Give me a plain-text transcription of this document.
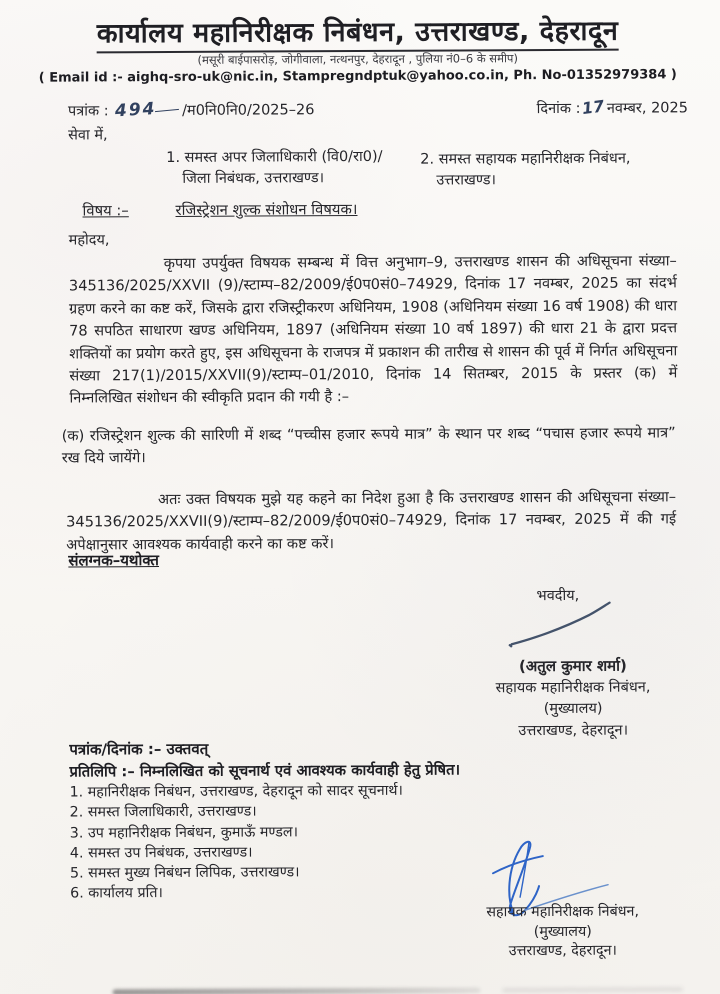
कार्यालय महानिरीक्षक निबंधन, उत्तराखण्ड, देहरादून
(मसूरी बाईपासरोड़, जोगीवाला, नत्थनपुर, देहरादून , पुलिया नं0–6 के समीप)
( Email id :- aighq-sro-uk@nic.in, Stampregndptuk@yahoo.co.in, Ph. No-01352979384 )
पत्रांक : 494 /म0नि0नि0/2025–26	दिनांक :17 नवम्बर, 2025
सेवा में,
1. समस्त अपर जिलाधिकारी (वि0/रा0)/
जिला निबंधक, उत्तराखण्ड।
2. समस्त सहायक महानिरीक्षक निबंधन,
उत्तराखण्ड।
विषय :–	रजिस्ट्रेशन शुल्क संशोधन विषयक।
महोदय,
कृपया उपर्युक्त विषयक सम्बन्ध में वित्त अनुभाग–9, उत्तराखण्ड शासन की अधिसूचना संख्या– 345136/2025/XXVII (9)/स्टाम्प–82/2009/ई0प0सं0–74929, दिनांक 17 नवम्बर, 2025 का संदर्भ ग्रहण करने का कष्ट करें, जिसके द्वारा रजिस्ट्रीकरण अधिनियम, 1908 (अधिनियम संख्या 16 वर्ष 1908) की धारा 78 सपठित साधारण खण्ड अधिनियम, 1897 (अधिनियम संख्या 10 वर्ष 1897) की धारा 21 के द्वारा प्रदत्त शक्तियों का प्रयोग करते हुए, इस अधिसूचना के राजपत्र में प्रकाशन की तारीख से शासन की पूर्व में निर्गत अधिसूचना संख्या 217(1)/2015/XXVII(9)/स्टाम्प–01/2010, दिनांक 14 सितम्बर, 2015 के प्रस्तर (क) में निम्नलिखित संशोधन की स्वीकृति प्रदान की गयी है :–
(क) रजिस्ट्रेशन शुल्क की सारिणी में शब्द “पच्चीस हजार रूपये मात्र” के स्थान पर शब्द “पचास हजार रूपये मात्र” रख दिये जायेंगे।
अतः उक्त विषयक मुझे यह कहने का निदेश हुआ है कि उत्तराखण्ड शासन की अधिसूचना संख्या–345136/2025/XXVII(9)/स्टाम्प–82/2009/ई0प0सं0–74929, दिनांक 17 नवम्बर, 2025 में की गई अपेक्षानुसार आवश्यक कार्यवाही करने का कष्ट करें।
संलग्नक–यथोक्त
भवदीय,
(अतुल कुमार शर्मा)
सहायक महानिरीक्षक निबंधन,
(मुख्यालय)
उत्तराखण्ड, देहरादून।
पत्रांक/दिनांक :– उक्तवत्
प्रतिलिपि :– निम्नलिखित को सूचनार्थ एवं आवश्यक कार्यवाही हेतु प्रेषित।
1. महानिरीक्षक निबंधन, उत्तराखण्ड, देहरादून को सादर सूचनार्थ।
2. समस्त जिलाधिकारी, उत्तराखण्ड।
3. उप महानिरीक्षक निबंधन, कुमाऊँ मण्डल।
4. समस्त उप निबंधक, उत्तराखण्ड।
5. समस्त मुख्य निबंधन लिपिक, उत्तराखण्ड।
6. कार्यालय प्रति।
सहायक महानिरीक्षक निबंधन,
(मुख्यालय)
उत्तराखण्ड, देहरादून।
